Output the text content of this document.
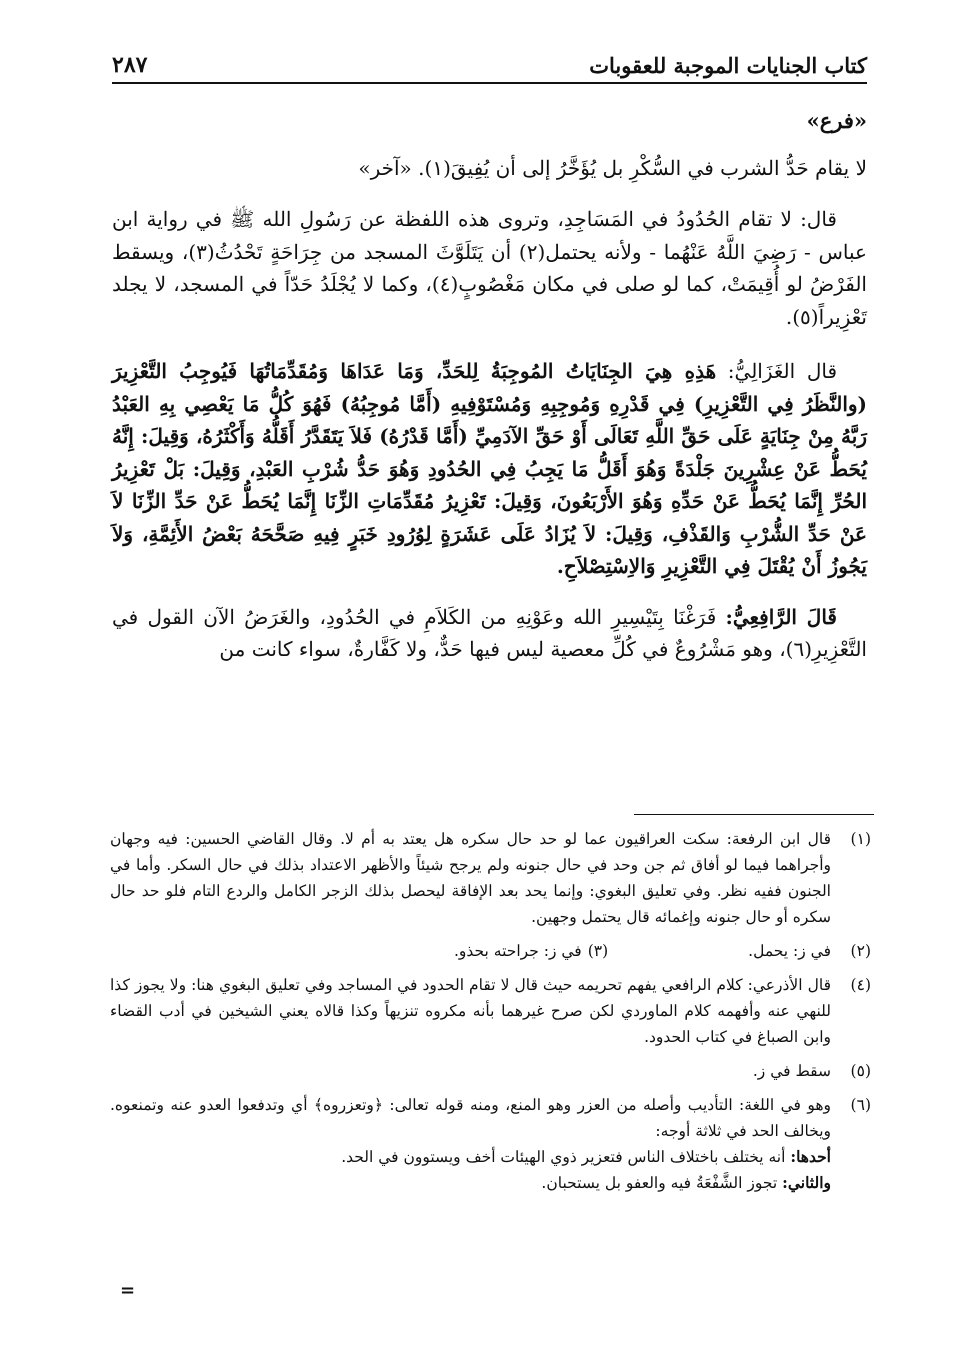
٢٨٧	كتاب الجنايات الموجبة للعقوبات

«فرع»

لا يقام حَدُّ الشرب في السُّكْرِ بل يُؤَخَّرُ إلى أن يُفِيقَ(١). «آخر»

قال: لا تقام الحُدُودُ في المَسَاجِدِ، وتروى هذه اللفظة عن رَسُولِ الله ﷺ في رواية ابن عباس - رَضِيَ اللَّهُ عَنْهُما - ولأنه يحتمل(٢) أن يَتَلَوَّثَ المسجد من جِرَاحَةٍ تَحْدُثُ(٣)، ويسقط الفَرْضُ لو أُقِيمَتْ، كما لو صلى في مكان مَغْصُوبٍ(٤)، وكما لا يُجْلَدُ حَدّاً في المسجد، لا يجلد تَعْزِيراً(٥).

قال الغَزَالِيُّ: هَذِهِ هِيَ الجِنَايَاتُ المُوجِبَةُ لِلحَدِّ، وَمَا عَدَاهَا وَمُقَدِّمَاتُهَا فَيُوجِبُ التَّعْزِيرَ (والنَّظَرُ فِي التَّعْزِيرِ) فِي قَدْرِهِ وَمُوجِبِهِ وَمُسْتَوْفِيهِ (أَمَّا مُوجِبُهُ) فَهُوَ كُلُّ مَا يَعْصِي بِهِ العَبْدُ رَبَّهُ مِنْ جِنَايَةٍ عَلَى حَقِّ اللَّهِ تَعَالَى أَوْ حَقِّ الآدَمِيِّ (أَمَّا قَدْرُهُ) فَلاَ يَتَقَدَّرُ أَقَلُّهُ وَأَكْثَرُهُ، وَقِيلَ: إِنَّهُ يُحَطُّ عَنْ عِشْرِينَ جَلْدَةً وَهُوَ أَقَلُّ مَا يَجِبُ فِي الحُدُودِ وَهُوَ حَدُّ شُرْبِ العَبْدِ، وَقِيلَ: بَلْ تَعْزِيرُ الحُرِّ إِنَّمَا يُحَطُّ عَنْ حَدِّهِ وَهُوَ الأَرْبَعُونَ، وَقِيلَ: تَعْزِيرُ مُقَدِّمَاتِ الزِّنَا إِنَّمَا يُحَطُّ عَنْ حَدِّ الزِّنَا لاَ عَنْ حَدِّ الشُّرْبِ وَالقَذْفِ، وَقِيلَ: لاَ يُزَادُ عَلَى عَشَرَةٍ لِوُرُودِ خَبَرٍ فِيهِ صَحَّحَهُ بَعْضُ الأَئِمَّةِ، وَلاَ يَجُوزُ أَنْ يُقْتَلَ فِي التَّعْزِيرِ وَالاِسْتِصْلاَحِ.

قَالَ الرَّافِعِيُّ: فَرَغْنَا بِتَيْسِيرِ الله وعَوْنِهِ من الكَلاَمِ في الحُدُودِ، والغَرَضُ الآن القول في التَّعْزِيرِ(٦)، وهو مَشْرُوعٌ في كُلِّ معصية ليس فيها حَدٌّ، ولا كَفَّارةٌ، سواء كانت من

(١)
قال ابن الرفعة: سكت العراقيون عما لو حد حال سكره هل يعتد به أم لا. وقال القاضي الحسين: فيه وجهان وأجراهما فيما لو أفاق ثم جن وحد في حال جنونه ولم يرجح شيئاً والأظهر الاعتداد بذلك في حال السكر. وأما في الجنون ففيه نظر. وفي تعليق البغوي: وإنما يحد بعد الإفاقة ليحصل بذلك الزجر الكامل والردع التام فلو حد حال سكره أو حال جنونه وإغمائه قال يحتمل وجهين.
(٢)
في ز: يحمل.
(٣)
في ز: جراحته بحذو.
(٤)
قال الأذرعي: كلام الرافعي يفهم تحريمه حيث قال لا تقام الحدود في المساجد وفي تعليق البغوي هنا: ولا يجوز كذا للنهي عنه وأفهمه كلام الماوردي لكن صرح غيرهما بأنه مكروه تنزيهاً وكذا قالاه يعني الشيخين في أدب القضاء وابن الصباغ في كتاب الحدود.
(٥)
سقط في ز.
(٦)
وهو في اللغة: التأديب وأصله من العزر وهو المنع، ومنه قوله تعالى: ﴿وتعزروه﴾ أي وتدفعوا العدو عنه وتمنعوه. ويخالف الحد في ثلاثة أوجه:
أحدها: أنه يختلف باختلاف الناس فتعزير ذوي الهيئات أخف ويستوون في الحد.
والثاني: تجوز الشَّفْعَةُ فيه والعفو بل يستحبان.
=
